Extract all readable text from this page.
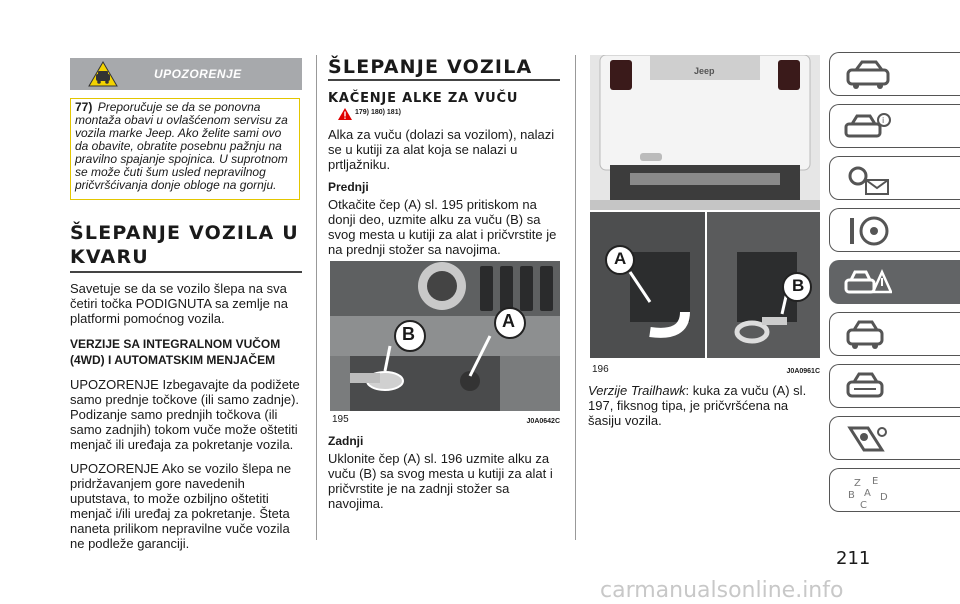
UPOZORENJE
77) Preporučuje se da se ponovna montaža obavi u ovlašćenom servisu za vozila marke Jeep. Ako želite sami ovo da obavite, obratite posebnu pažnju na pravilno spajanje spojnica. U suprotnom se može čuti šum usled nepravilnog pričvršćivanja donje obloge na gornju.
ŠLEPANJE VOZILA U KVARU

Savetuje se da se vozilo šlepa na sva četiri točka PODIGNUTA sa zemlje na platformi pomoćnog vozila.

VERZIJE SA INTEGRALNOM VUČOM (4WD) I AUTOMATSKIM MENJAČEM

UPOZORENJE Izbegavajte da podižete samo prednje točkove (ili samo zadnje). Podizanje samo prednjih točkova (ili samo zadnjih) tokom vuče može oštetiti menjač ili uređaja za pokretanje vozila.

UPOZORENJE Ako se vozilo šlepa ne pridržavanjem gore navedenih uputstava, to može ozbiljno oštetiti menjač i/ili uređaj za pokretanje. Šteta naneta prilikom nepravilne vuče vozila ne podleže garanciji.

ŠLEPANJE VOZILA
KAČENJE ALKE ZA VUČU
179) 180) 181)

Alka za vuču (dolazi sa vozilom), nalazi se u kutiji za alat koja se nalazi u prtljažniku.

Prednji

Otkačite čep (A) sl. 195 pritiskom na donji deo, uzmite alku za vuču (B) sa svog mesta u kutiji za alat i pričvrstite je na prednji stožer sa navojima.

B
A
195	J0A0642C
Zadnji

Uklonite čep (A) sl. 196 uzmite alku za vuču (B) sa svog mesta u kutiji za alat i pričvrstite je na zadnji stožer sa navojima.

Jeep
A
B
196	J0A0961C

Verzije Trailhawk: kuka za vuču (A) sl. 197, fiksnog tipa, je pričvršćena na šasiju vozila.

i
Z E
B A D
C
211
carmanualsonline.info
